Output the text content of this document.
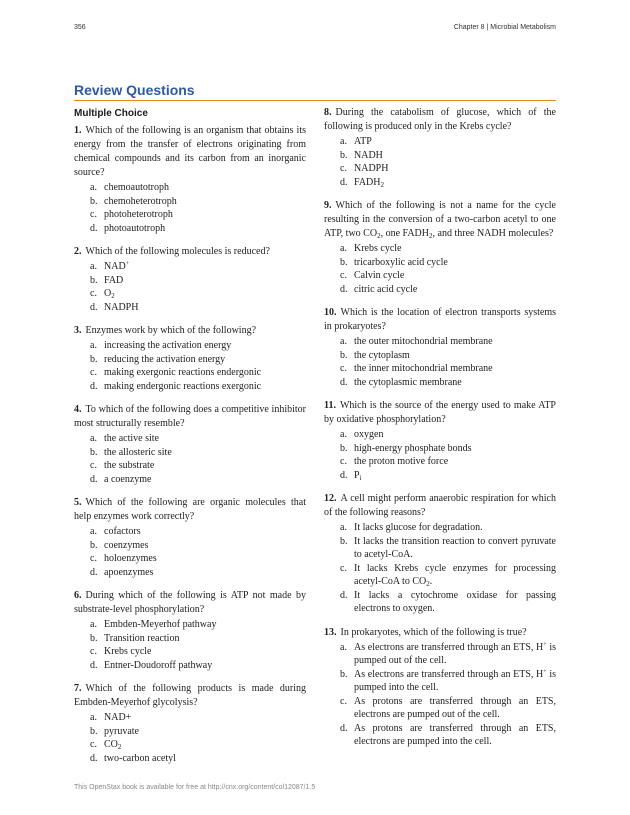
356	Chapter 8 | Microbial Metabolism
Review Questions
Multiple Choice
1. Which of the following is an organism that obtains its energy from the transfer of electrons originating from chemical compounds and its carbon from an inorganic source?
a. chemoautotroph
b. chemoheterotroph
c. photoheterotroph
d. photoautotroph
2. Which of the following molecules is reduced?
a. NAD+
b. FAD
c. $O_2$
d. NADPH
3. Enzymes work by which of the following?
a. increasing the activation energy
b. reducing the activation energy
c. making exergonic reactions endergonic
d. making endergonic reactions exergonic
4. To which of the following does a competitive inhibitor most structurally resemble?
a. the active site
b. the allosteric site
c. the substrate
d. a coenzyme
5. Which of the following are organic molecules that help enzymes work correctly?
a. cofactors
b. coenzymes
c. holoenzymes
d. apoenzymes
6. During which of the following is ATP not made by substrate-level phosphorylation?
a. Embden-Meyerhof pathway
b. Transition reaction
c. Krebs cycle
d. Entner-Doudoroff pathway
7. Which of the following products is made during Embden-Meyerhof glycolysis?
a. NAD+
b. pyruvate
c. $CO_2$
d. two-carbon acetyl
8. During the catabolism of glucose, which of the following is produced only in the Krebs cycle?
a. ATP
b. NADH
c. NADPH
d. $FADH_2$
9. Which of the following is not a name for the cycle resulting in the conversion of a two-carbon acetyl to one ATP, two $CO_2$, one $FADH_2$, and three NADH molecules?
a. Krebs cycle
b. tricarboxylic acid cycle
c. Calvin cycle
d. citric acid cycle
10. Which is the location of electron transports systems in prokaryotes?
a. the outer mitochondrial membrane
b. the cytoplasm
c. the inner mitochondrial membrane
d. the cytoplasmic membrane
11. Which is the source of the energy used to make ATP by oxidative phosphorylation?
a. oxygen
b. high-energy phosphate bonds
c. the proton motive force
d. $P_i$
12. A cell might perform anaerobic respiration for which of the following reasons?
a. It lacks glucose for degradation.
b. It lacks the transition reaction to convert pyruvate to acetyl-CoA.
c. It lacks Krebs cycle enzymes for processing acetyl-CoA to $CO_2$.
d. It lacks a cytochrome oxidase for passing electrons to oxygen.
13. In prokaryotes, which of the following is true?
a. As electrons are transferred through an ETS, H+ is pumped out of the cell.
b. As electrons are transferred through an ETS, H+ is pumped into the cell.
c. As protons are transferred through an ETS, electrons are pumped out of the cell.
d. As protons are transferred through an ETS, electrons are pumped into the cell.
This OpenStax book is available for free at http://cnx.org/content/col12087/1.5
